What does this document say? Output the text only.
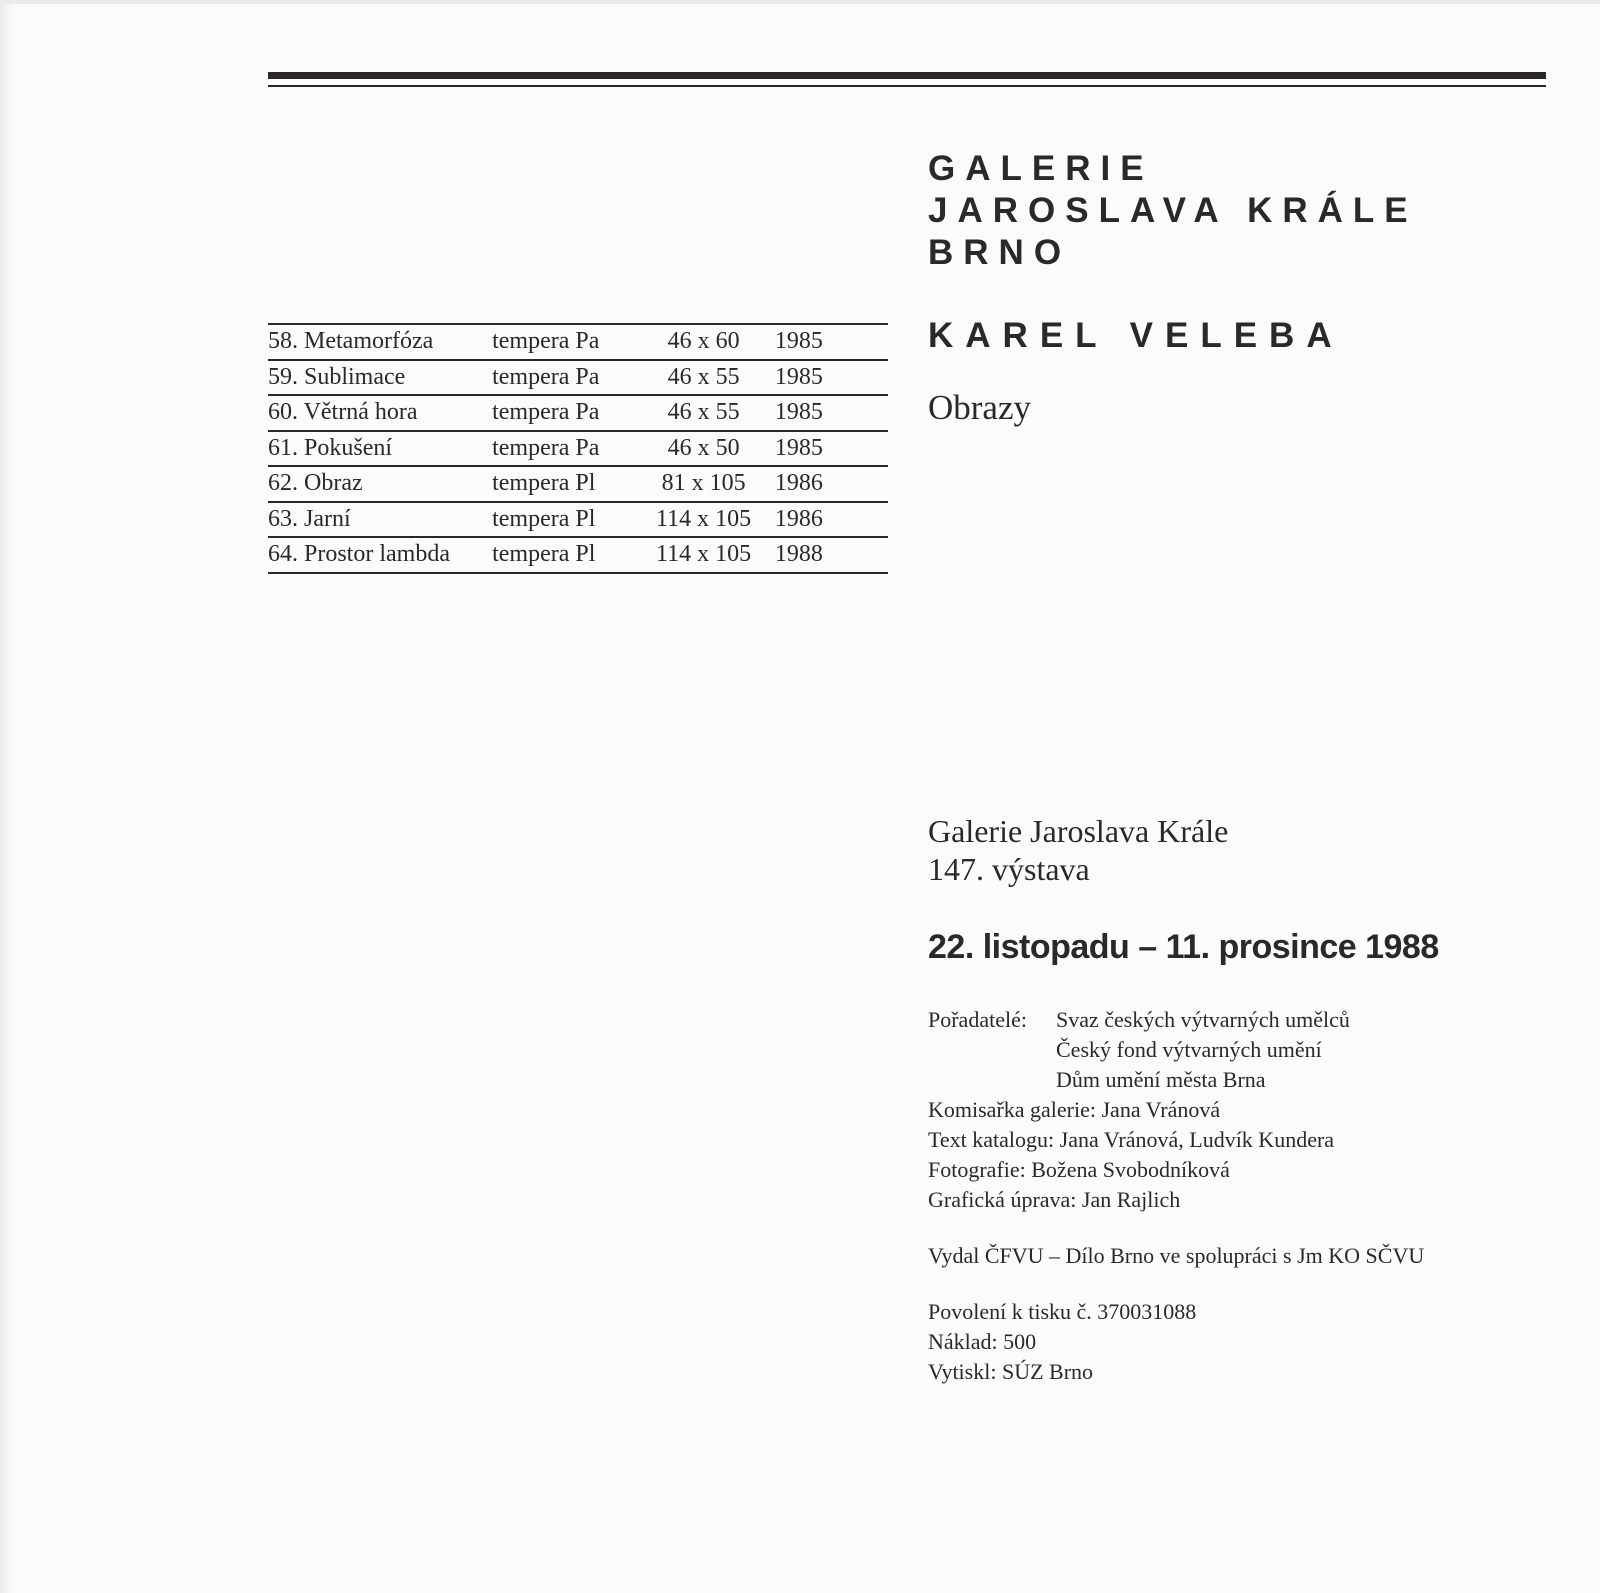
GALERIE
JAROSLAVA KRÁLE
BRNO
KAREL VELEBA
Obrazy
58. Metamorfóza	tempera Pa	46 x 60	1985
59. Sublimace	tempera Pa	46 x 55	1985
60. Větrná hora	tempera Pa	46 x 55	1985
61. Pokušení	tempera Pa	46 x 50	1985
62. Obraz	tempera Pl	81 x 105	1986
63. Jarní	tempera Pl	114 x 105	1986
64. Prostor lambda	tempera Pl	114 x 105	1988
Galerie Jaroslava Krále
147. výstava
22. listopadu – 11. prosince 1988
Pořadatelé:	Svaz českých výtvarných umělců
Český fond výtvarných umění
Dům umění města Brna
Komisařka galerie: Jana Vránová
Text katalogu: Jana Vránová, Ludvík Kundera
Fotografie: Božena Svobodníková
Grafická úprava: Jan Rajlich
Vydal ČFVU – Dílo Brno ve spolupráci s Jm KO SČVU
Povolení k tisku č. 370031088
Náklad: 500
Vytiskl: SÚZ Brno
